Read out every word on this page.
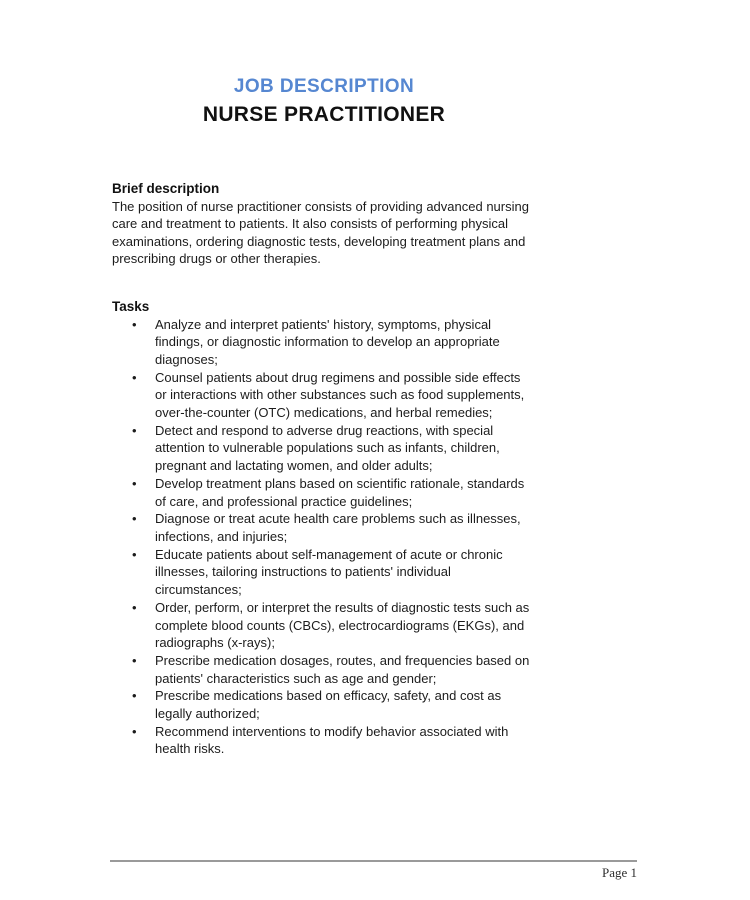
JOB DESCRIPTION
NURSE PRACTITIONER
Brief description

The position of nurse practitioner consists of providing advanced nursing care and treatment to patients. It also consists of performing physical examinations, ordering diagnostic tests, developing treatment plans and prescribing drugs or other therapies.

Tasks
• Analyze and interpret patients' history, symptoms, physical findings, or diagnostic information to develop an appropriate diagnoses;
• Counsel patients about drug regimens and possible side effects or interactions with other substances such as food supplements, over-the-counter (OTC) medications, and herbal remedies;
• Detect and respond to adverse drug reactions, with special attention to vulnerable populations such as infants, children, pregnant and lactating women, and older adults;
• Develop treatment plans based on scientific rationale, standards of care, and professional practice guidelines;
• Diagnose or treat acute health care problems such as illnesses, infections, and injuries;
• Educate patients about self-management of acute or chronic illnesses, tailoring instructions to patients' individual circumstances;
• Order, perform, or interpret the results of diagnostic tests such as complete blood counts (CBCs), electrocardiograms (EKGs), and radiographs (x-rays);
• Prescribe medication dosages, routes, and frequencies based on patients' characteristics such as age and gender;
• Prescribe medications based on efficacy, safety, and cost as legally authorized;
• Recommend interventions to modify behavior associated with health risks.
Page 1
